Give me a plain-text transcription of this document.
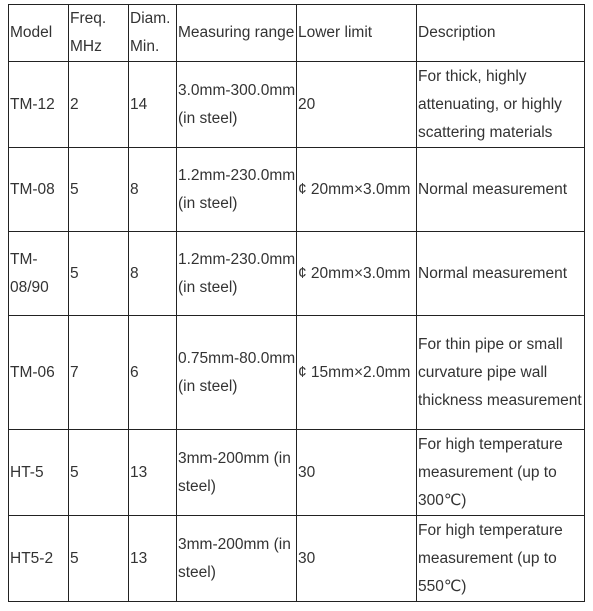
Model	Freq. MHz	Diam. Min.	Measuring range	Lower limit	Description
TM-12	2	14	3.0mm-300.0mm (in steel)	20	For thick, highly attenuating, or highly scattering materials
TM-08	5	8	1.2mm-230.0mm (in steel)	¢ 20mm×3.0mm	Normal measurement
TM-08/90	5	8	1.2mm-230.0mm (in steel)	¢ 20mm×3.0mm	Normal measurement
TM-06	7	6	0.75mm-80.0mm (in steel)	¢ 15mm×2.0mm	For thin pipe or small curvature pipe wall thickness measurement
HT-5	5	13	3mm-200mm (in steel)	30	For high temperature measurement (up to 300℃)
HT5-2	5	13	3mm-200mm (in steel)	30	For high temperature measurement (up to 550℃)
